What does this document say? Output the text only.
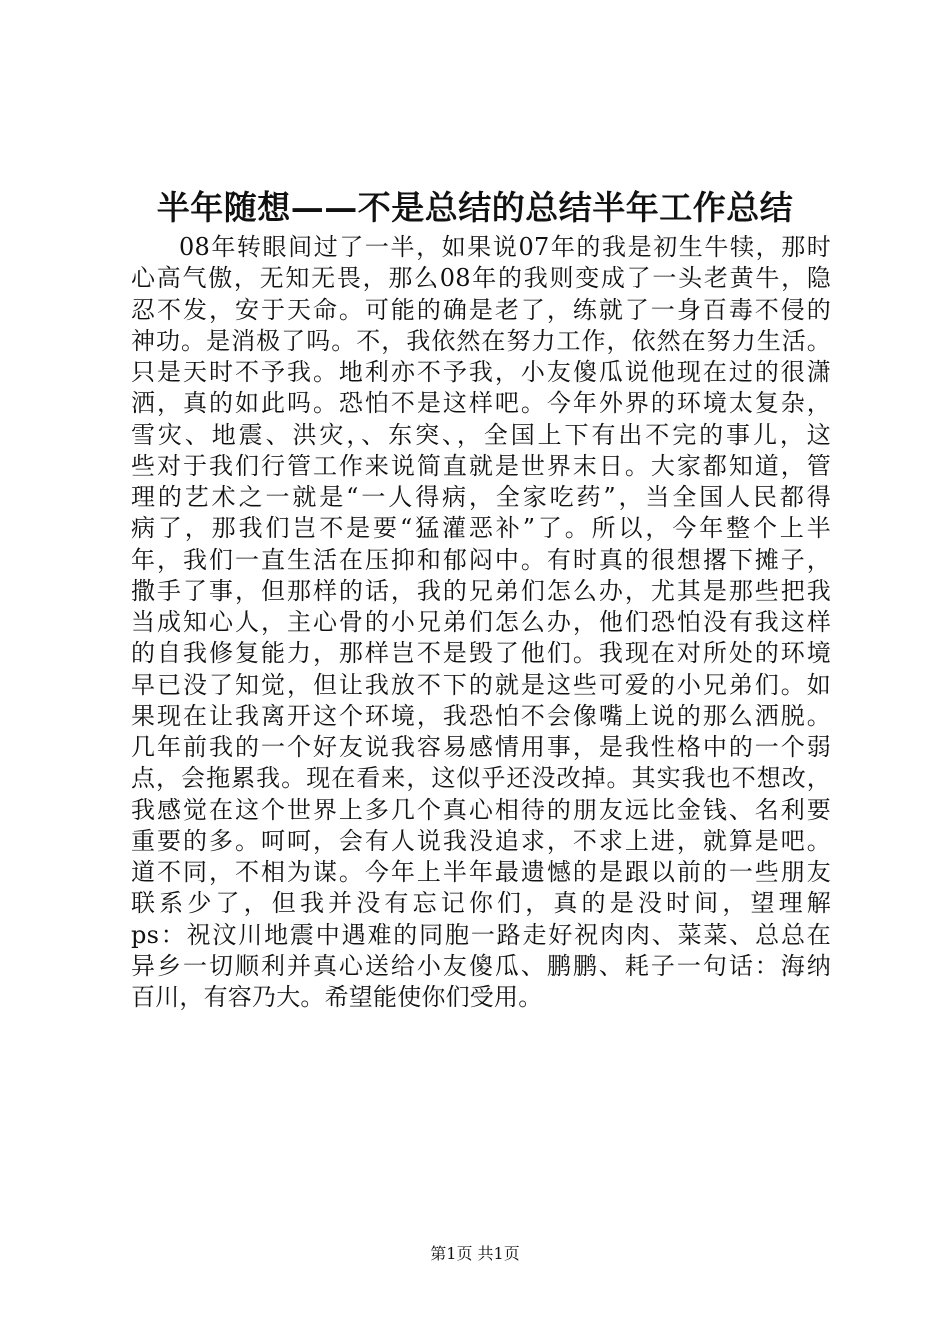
半年随想——不是总结的总结半年工作总结
08年转眼间过了一半，如果说07年的我是初生牛犊，那时
心高气傲，无知无畏，那么08年的我则变成了一头老黄牛，隐
忍不发，安于天命。可能的确是老了，练就了一身百毒不侵的
神功。是消极了吗。不，我依然在努力工作，依然在努力生活。
只是天时不予我。地利亦不予我，小友傻瓜说他现在过的很潇
洒，真的如此吗。恐怕不是这样吧。今年外界的环境太复杂，
雪灾、地震、洪灾，、东突、，全国上下有出不完的事儿，这
些对于我们行管工作来说简直就是世界末日。大家都知道，管
理的艺术之一就是“一人得病，全家吃药”，当全国人民都得
病了，那我们岂不是要“猛灌恶补”了。所以，今年整个上半
年，我们一直生活在压抑和郁闷中。有时真的很想撂下摊子，
撒手了事，但那样的话，我的兄弟们怎么办，尤其是那些把我
当成知心人，主心骨的小兄弟们怎么办，他们恐怕没有我这样
的自我修复能力，那样岂不是毁了他们。我现在对所处的环境
早已没了知觉，但让我放不下的就是这些可爱的小兄弟们。如
果现在让我离开这个环境，我恐怕不会像嘴上说的那么洒脱。
几年前我的一个好友说我容易感情用事，是我性格中的一个弱
点，会拖累我。现在看来，这似乎还没改掉。其实我也不想改，
我感觉在这个世界上多几个真心相待的朋友远比金钱、名利要
重要的多。呵呵，会有人说我没追求，不求上进，就算是吧。
道不同，不相为谋。今年上半年最遗憾的是跟以前的一些朋友
联系少了，但我并没有忘记你们，真的是没时间，望理解
ps：祝汶川地震中遇难的同胞一路走好祝肉肉、菜菜、总总在
异乡一切顺利并真心送给小友傻瓜、鹏鹏、耗子一句话：海纳
百川，有容乃大。希望能使你们受用。
第1页 共1页
